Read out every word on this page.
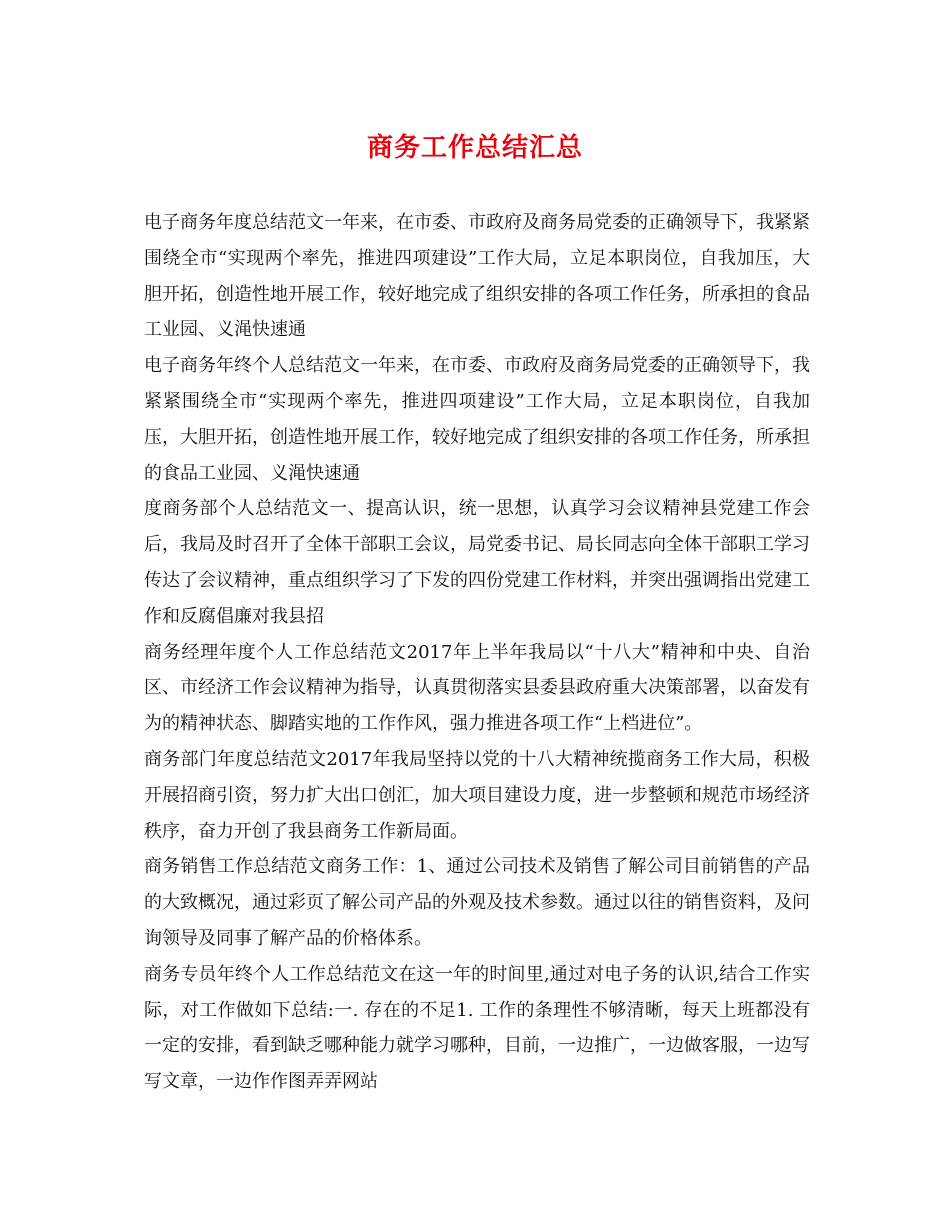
商务工作总结汇总

电子商务年度总结范文一年来，在市委、市政府及商务局党委的正确领导下，我紧紧围绕全市“实现两个率先，推进四项建设”工作大局，立足本职岗位，自我加压，大胆开拓，创造性地开展工作，较好地完成了组织安排的各项工作任务，所承担的食品工业园、义渑快速通

电子商务年终个人总结范文一年来，在市委、市政府及商务局党委的正确领导下，我紧紧围绕全市“实现两个率先，推进四项建设”工作大局，立足本职岗位，自我加压，大胆开拓，创造性地开展工作，较好地完成了组织安排的各项工作任务，所承担的食品工业园、义渑快速通

度商务部个人总结范文一、提高认识，统一思想，认真学习会议精神县党建工作会后，我局及时召开了全体干部职工会议，局党委书记、局长同志向全体干部职工学习传达了会议精神，重点组织学习了下发的四份党建工作材料，并突出强调指出党建工作和反腐倡廉对我县招

商务经理年度个人工作总结范文2017年上半年我局以“十八大”精神和中央、自治区、市经济工作会议精神为指导，认真贯彻落实县委县政府重大决策部署，以奋发有为的精神状态、脚踏实地的工作作风，强力推进各项工作“上档进位”。

商务部门年度总结范文2017年我局坚持以党的十八大精神统揽商务工作大局，积极开展招商引资，努力扩大出口创汇，加大项目建设力度，进一步整顿和规范市场经济秩序，奋力开创了我县商务工作新局面。

商务销售工作总结范文商务工作：1、通过公司技术及销售了解公司目前销售的产品的大致概况，通过彩页了解公司产品的外观及技术参数。通过以往的销售资料，及问询领导及同事了解产品的价格体系。

商务专员年终个人工作总结范文在这一年的时间里,通过对电子务的认识,结合工作实际，对工作做如下总结:一. 存在的不足1. 工作的条理性不够清晰，每天上班都没有一定的安排，看到缺乏哪种能力就学习哪种，目前，一边推广，一边做客服，一边写写文章，一边作作图弄弄网站
